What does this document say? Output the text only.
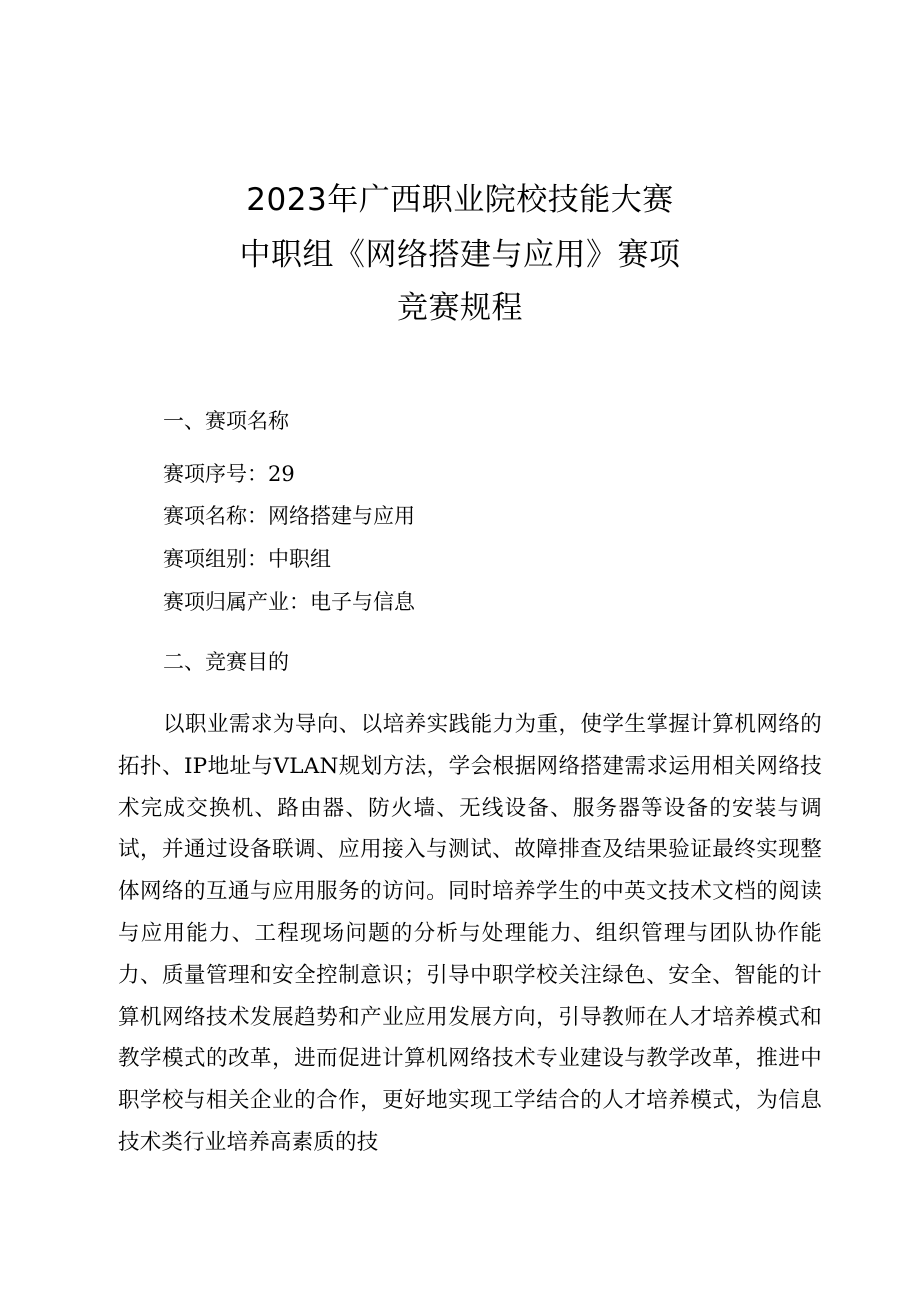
2023年广西职业院校技能大赛
中职组《网络搭建与应用》赛项
竞赛规程
一、赛项名称
赛项序号：29
赛项名称：网络搭建与应用
赛项组别：中职组
赛项归属产业：电子与信息
二、竞赛目的
以职业需求为导向、以培养实践能力为重，使学生掌握计算机网络的拓扑、IP地址与VLAN规划方法，学会根据网络搭建需求运用相关网络技术完成交换机、路由器、防火墙、无线设备、服务器等设备的安装与调试，并通过设备联调、应用接入与测试、故障排查及结果验证最终实现整体网络的互通与应用服务的访问。同时培养学生的中英文技术文档的阅读与应用能力、工程现场问题的分析与处理能力、组织管理与团队协作能力、质量管理和安全控制意识；引导中职学校关注绿色、安全、智能的计算机网络技术发展趋势和产业应用发展方向，引导教师在人才培养模式和教学模式的改革，进而促进计算机网络技术专业建设与教学改革，推进中职学校与相关企业的合作，更好地实现工学结合的人才培养模式，为信息技术类行业培养高素质的技
